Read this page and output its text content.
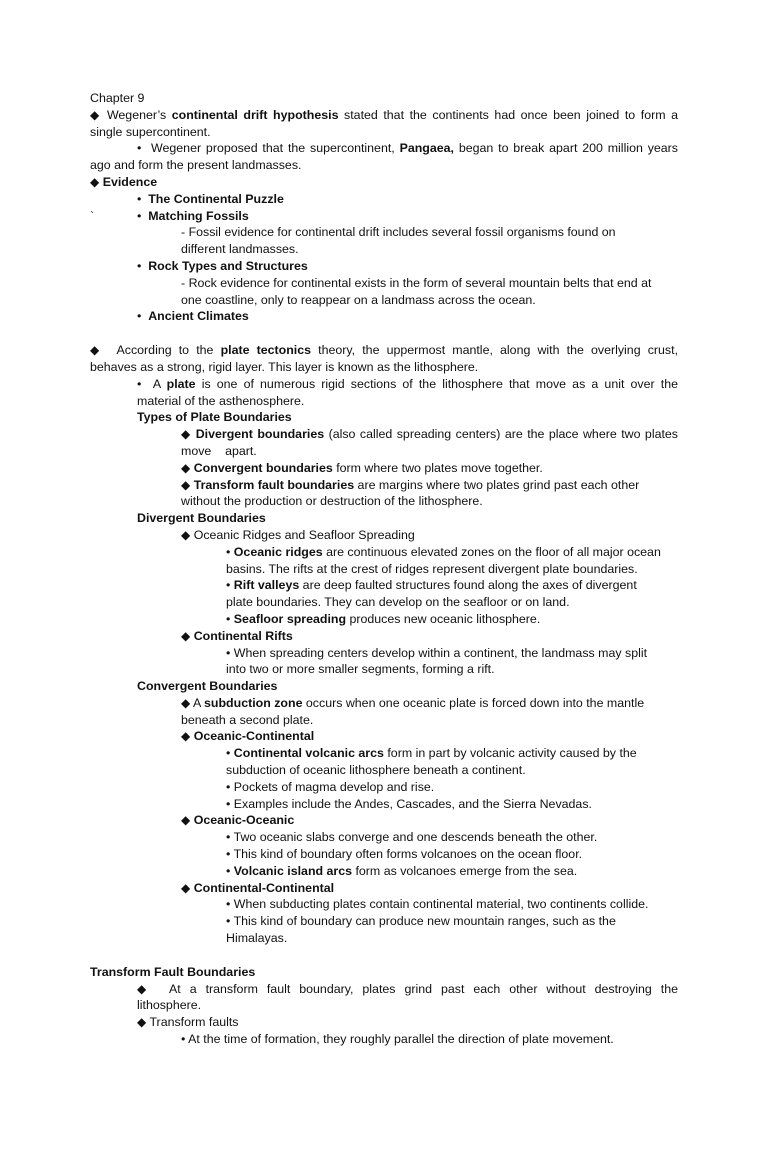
Chapter 9
◆ Wegener’s continental drift hypothesis stated that the continents had once been joined to form a
single supercontinent.
• Wegener proposed that the supercontinent, Pangaea, began to break apart 200 million years
ago and form the present landmasses.
◆ Evidence
• The Continental Puzzle
`	• Matching Fossils
- Fossil evidence for continental drift includes several fossil organisms found on
different landmasses.
• Rock Types and Structures
- Rock evidence for continental exists in the form of several mountain belts that end at
one coastline, only to reappear on a landmass across the ocean.
• Ancient Climates
◆ According to the plate tectonics theory, the uppermost mantle, along with the overlying crust,
behaves as a strong, rigid layer. This layer is known as the lithosphere.
• A plate is one of numerous rigid sections of the lithosphere that move as a unit over the
material of the asthenosphere.
Types of Plate Boundaries
◆ Divergent boundaries (also called spreading centers) are the place where two plates
move    apart.
◆ Convergent boundaries form where two plates move together.
◆ Transform fault boundaries are margins where two plates grind past each other
without the production or destruction of the lithosphere.
Divergent Boundaries
◆ Oceanic Ridges and Seafloor Spreading
• Oceanic ridges are continuous elevated zones on the floor of all major ocean
basins. The rifts at the crest of ridges represent divergent plate boundaries.
• Rift valleys are deep faulted structures found along the axes of divergent
plate boundaries. They can develop on the seafloor or on land.
• Seafloor spreading produces new oceanic lithosphere.
◆ Continental Rifts
• When spreading centers develop within a continent, the landmass may split
into two or more smaller segments, forming a rift.
Convergent Boundaries
◆ A subduction zone occurs when one oceanic plate is forced down into the mantle
beneath a second plate.
◆ Oceanic-Continental
• Continental volcanic arcs form in part by volcanic activity caused by the
subduction of oceanic lithosphere beneath a continent.
• Pockets of magma develop and rise.
• Examples include the Andes, Cascades, and the Sierra Nevadas.
◆ Oceanic-Oceanic
• Two oceanic slabs converge and one descends beneath the other.
• This kind of boundary often forms volcanoes on the ocean floor.
• Volcanic island arcs form as volcanoes emerge from the sea.
◆ Continental-Continental
• When subducting plates contain continental material, two continents collide.
• This kind of boundary can produce new mountain ranges, such as the
Himalayas.
Transform Fault Boundaries
◆ At a transform fault boundary, plates grind past each other without destroying the
lithosphere.
◆ Transform faults
• At the time of formation, they roughly parallel the direction of plate movement.
